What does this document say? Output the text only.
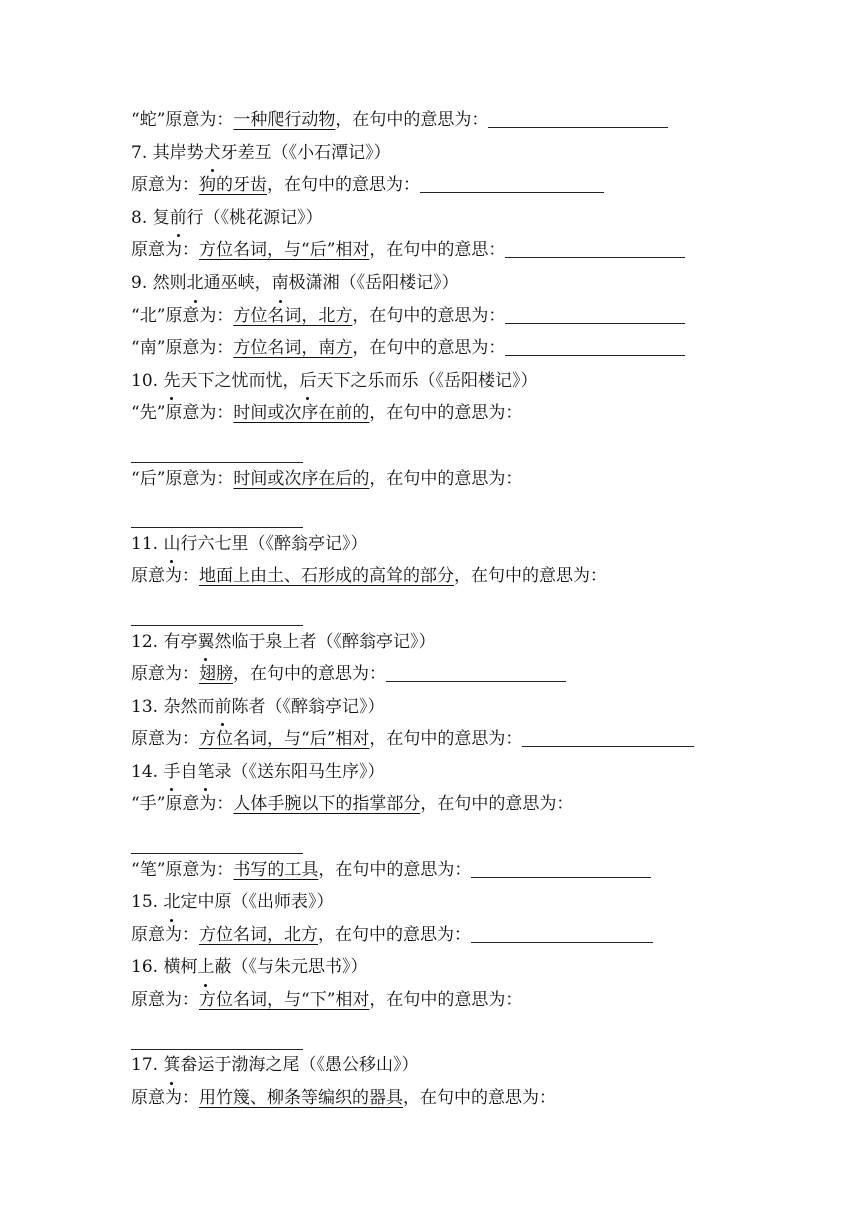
“蛇”原意为：一种爬行动物，在句中的意思为：
7. 其岸势犬牙差互（《小石潭记》）
原意为：狗的牙齿，在句中的意思为：
8. 复前行（《桃花源记》）
原意为：方位名词，与“后”相对，在句中的意思：
9. 然则北通巫峡，南极潇湘（《岳阳楼记》）
“北”原意为：方位名词，北方，在句中的意思为：
“南”原意为：方位名词，南方，在句中的意思为：
10. 先天下之忧而忧，后天下之乐而乐（《岳阳楼记》）
“先”原意为：时间或次序在前的，在句中的意思为：
“后”原意为：时间或次序在后的，在句中的意思为：
11. 山行六七里（《醉翁亭记》）
原意为：地面上由土、石形成的高耸的部分，在句中的意思为：
12. 有亭翼然临于泉上者（《醉翁亭记》）
原意为：翅膀，在句中的意思为：
13. 杂然而前陈者（《醉翁亭记》）
原意为：方位名词，与“后”相对，在句中的意思为：
14. 手自笔录（《送东阳马生序》）
“手”原意为：人体手腕以下的指掌部分，在句中的意思为：
“笔”原意为：书写的工具，在句中的意思为：
15. 北定中原（《出师表》）
原意为：方位名词，北方，在句中的意思为：
16. 横柯上蔽（《与朱元思书》）
原意为：方位名词，与“下”相对，在句中的意思为：
17. 箕畚运于渤海之尾（《愚公移山》）
原意为：用竹篾、柳条等编织的器具，在句中的意思为：
